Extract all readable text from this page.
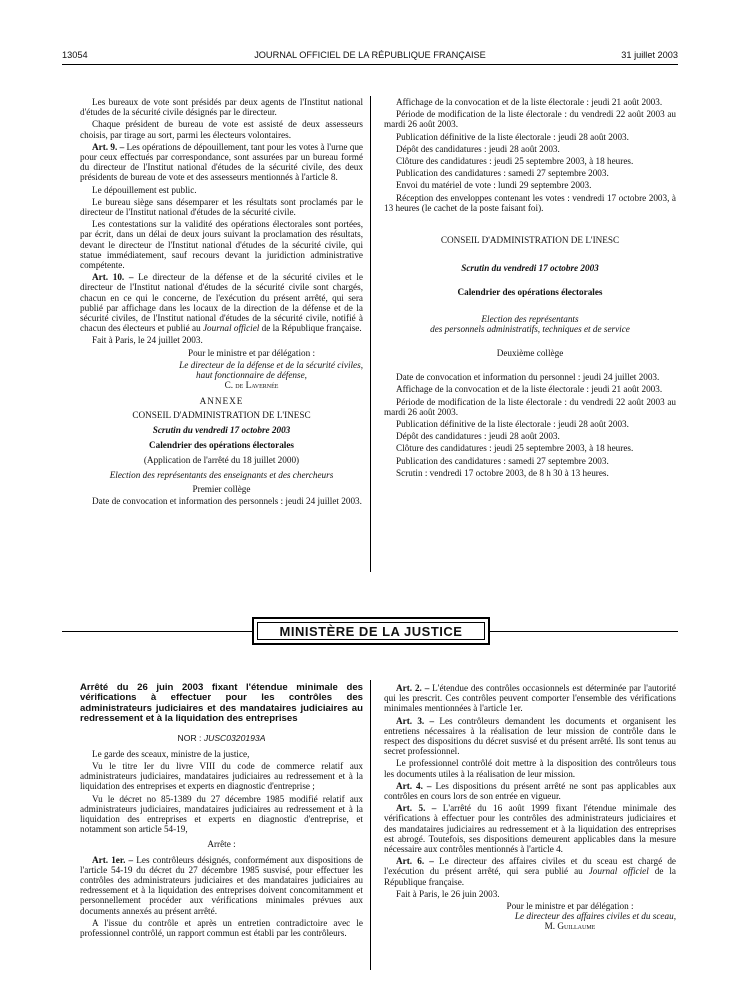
13054	JOURNAL OFFICIEL DE LA RÉPUBLIQUE FRANÇAISE	31 juillet 2003

Les bureaux de vote sont présidés par deux agents de l'Institut national d'études de la sécurité civile désignés par le directeur.

Chaque président de bureau de vote est assisté de deux assesseurs choisis, par tirage au sort, parmi les électeurs volontaires.

Art. 9. – Les opérations de dépouillement, tant pour les votes à l'urne que pour ceux effectués par correspondance, sont assurées par un bureau formé du directeur de l'Institut national d'études de la sécurité civile, des deux présidents de bureau de vote et des assesseurs mentionnés à l'article 8.

Le dépouillement est public.

Le bureau siège sans désemparer et les résultats sont proclamés par le directeur de l'Institut national d'études de la sécurité civile.

Les contestations sur la validité des opérations électorales sont portées, par écrit, dans un délai de deux jours suivant la proclamation des résultats, devant le directeur de l'Institut national d'études de la sécurité civile, qui statue immédiatement, sauf recours devant la juridiction administrative compétente.

Art. 10. – Le directeur de la défense et de la sécurité civiles et le directeur de l'Institut national d'études de la sécurité civile sont chargés, chacun en ce qui le concerne, de l'exécution du présent arrêté, qui sera publié par affichage dans les locaux de la direction de la défense et de la sécurité civiles, de l'Institut national d'études de la sécurité civile, notifié à chacun des électeurs et publié au Journal officiel de la République française.

Fait à Paris, le 24 juillet 2003.

Pour le ministre et par délégation :

Le directeur de la défense et de la sécurité civiles,

haut fonctionnaire de défense,

C. de Lavernée

ANNEXE

CONSEIL D'ADMINISTRATION DE L'INESC

Scrutin du vendredi 17 octobre 2003

Calendrier des opérations électorales

(Application de l'arrêté du 18 juillet 2000)

Election des représentants des enseignants et des chercheurs

Premier collège

Date de convocation et information des personnels : jeudi 24 juillet 2003.

Affichage de la convocation et de la liste électorale : jeudi 21 août 2003.

Période de modification de la liste électorale : du vendredi 22 août 2003 au mardi 26 août 2003.

Publication définitive de la liste électorale : jeudi 28 août 2003.

Dépôt des candidatures : jeudi 28 août 2003.

Clôture des candidatures : jeudi 25 septembre 2003, à 18 heures.

Publication des candidatures : samedi 27 septembre 2003.

Envoi du matériel de vote : lundi 29 septembre 2003.

Réception des enveloppes contenant les votes : vendredi 17 octobre 2003, à 13 heures (le cachet de la poste faisant foi).

CONSEIL D'ADMINISTRATION DE L'INESC

Scrutin du vendredi 17 octobre 2003

Calendrier des opérations électorales

Election des représentants

des personnels administratifs, techniques et de service

Deuxième collège

Date de convocation et information du personnel : jeudi 24 juillet 2003.

Affichage de la convocation et de la liste électorale : jeudi 21 août 2003.

Période de modification de la liste électorale : du vendredi 22 août 2003 au mardi 26 août 2003.

Publication définitive de la liste électorale : jeudi 28 août 2003.

Dépôt des candidatures : jeudi 28 août 2003.

Clôture des candidatures : jeudi 25 septembre 2003, à 18 heures.

Publication des candidatures : samedi 27 septembre 2003.

Scrutin : vendredi 17 octobre 2003, de 8 h 30 à 13 heures.

MINISTÈRE DE LA JUSTICE

Arrêté du 26 juin 2003 fixant l'étendue minimale des vérifications à effectuer pour les contrôles des administrateurs judiciaires et des mandataires judiciaires au redressement et à la liquidation des entreprises

NOR : JUSC0320193A

Le garde des sceaux, ministre de la justice,

Vu le titre Ier du livre VIII du code de commerce relatif aux administrateurs judiciaires, mandataires judiciaires au redressement et à la liquidation des entreprises et experts en diagnostic d'entreprise ;

Vu le décret no 85-1389 du 27 décembre 1985 modifié relatif aux administrateurs judiciaires, mandataires judiciaires au redressement et à la liquidation des entreprises et experts en diagnostic d'entreprise, et notamment son article 54-19,

Arrête :

Art. 1er. – Les contrôleurs désignés, conformément aux dispositions de l'article 54-19 du décret du 27 décembre 1985 susvisé, pour effectuer les contrôles des administrateurs judiciaires et des mandataires judiciaires au redressement et à la liquidation des entreprises doivent concomitamment et personnellement procéder aux vérifications minimales prévues aux documents annexés au présent arrêté.

A l'issue du contrôle et après un entretien contradictoire avec le professionnel contrôlé, un rapport commun est établi par les contrôleurs.

Art. 2. – L'étendue des contrôles occasionnels est déterminée par l'autorité qui les prescrit. Ces contrôles peuvent comporter l'ensemble des vérifications minimales mentionnées à l'article 1er.

Art. 3. – Les contrôleurs demandent les documents et organisent les entretiens nécessaires à la réalisation de leur mission de contrôle dans le respect des dispositions du décret susvisé et du présent arrêté. Ils sont tenus au secret professionnel.

Le professionnel contrôlé doit mettre à la disposition des contrôleurs tous les documents utiles à la réalisation de leur mission.

Art. 4. – Les dispositions du présent arrêté ne sont pas applicables aux contrôles en cours lors de son entrée en vigueur.

Art. 5. – L'arrêté du 16 août 1999 fixant l'étendue minimale des vérifications à effectuer pour les contrôles des administrateurs judiciaires et des mandataires judiciaires au redressement et à la liquidation des entreprises est abrogé. Toutefois, ses dispositions demeurent applicables dans la mesure nécessaire aux contrôles mentionnés à l'article 4.

Art. 6. – Le directeur des affaires civiles et du sceau est chargé de l'exécution du présent arrêté, qui sera publié au Journal officiel de la République française.

Fait à Paris, le 26 juin 2003.

Pour le ministre et par délégation :

Le directeur des affaires civiles et du sceau,

M. Guillaume
